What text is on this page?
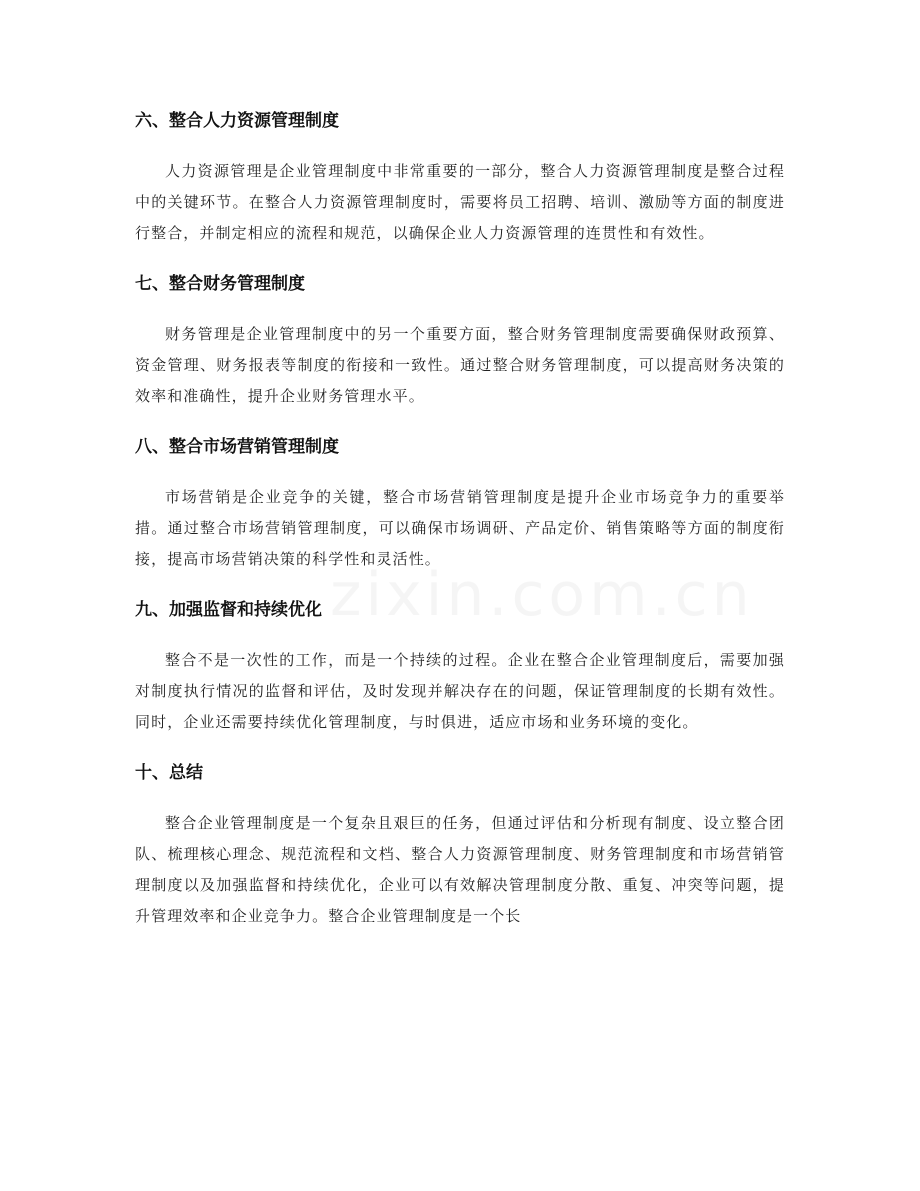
zixin.com.cn
六、整合人力资源管理制度

人力资源管理是企业管理制度中非常重要的一部分，整合人力资源管理制度是整合过程中的关键环节。在整合人力资源管理制度时，需要将员工招聘、培训、激励等方面的制度进行整合，并制定相应的流程和规范，以确保企业人力资源管理的连贯性和有效性。

七、整合财务管理制度

财务管理是企业管理制度中的另一个重要方面，整合财务管理制度需要确保财政预算、资金管理、财务报表等制度的衔接和一致性。通过整合财务管理制度，可以提高财务决策的效率和准确性，提升企业财务管理水平。

八、整合市场营销管理制度

市场营销是企业竞争的关键，整合市场营销管理制度是提升企业市场竞争力的重要举措。通过整合市场营销管理制度，可以确保市场调研、产品定价、销售策略等方面的制度衔接，提高市场营销决策的科学性和灵活性。

九、加强监督和持续优化

整合不是一次性的工作，而是一个持续的过程。企业在整合企业管理制度后，需要加强对制度执行情况的监督和评估，及时发现并解决存在的问题，保证管理制度的长期有效性。同时，企业还需要持续优化管理制度，与时俱进，适应市场和业务环境的变化。

十、总结

整合企业管理制度是一个复杂且艰巨的任务，但通过评估和分析现有制度、设立整合团队、梳理核心理念、规范流程和文档、整合人力资源管理制度、财务管理制度和市场营销管理制度以及加强监督和持续优化，企业可以有效解决管理制度分散、重复、冲突等问题，提升管理效率和企业竞争力。整合企业管理制度是一个长
